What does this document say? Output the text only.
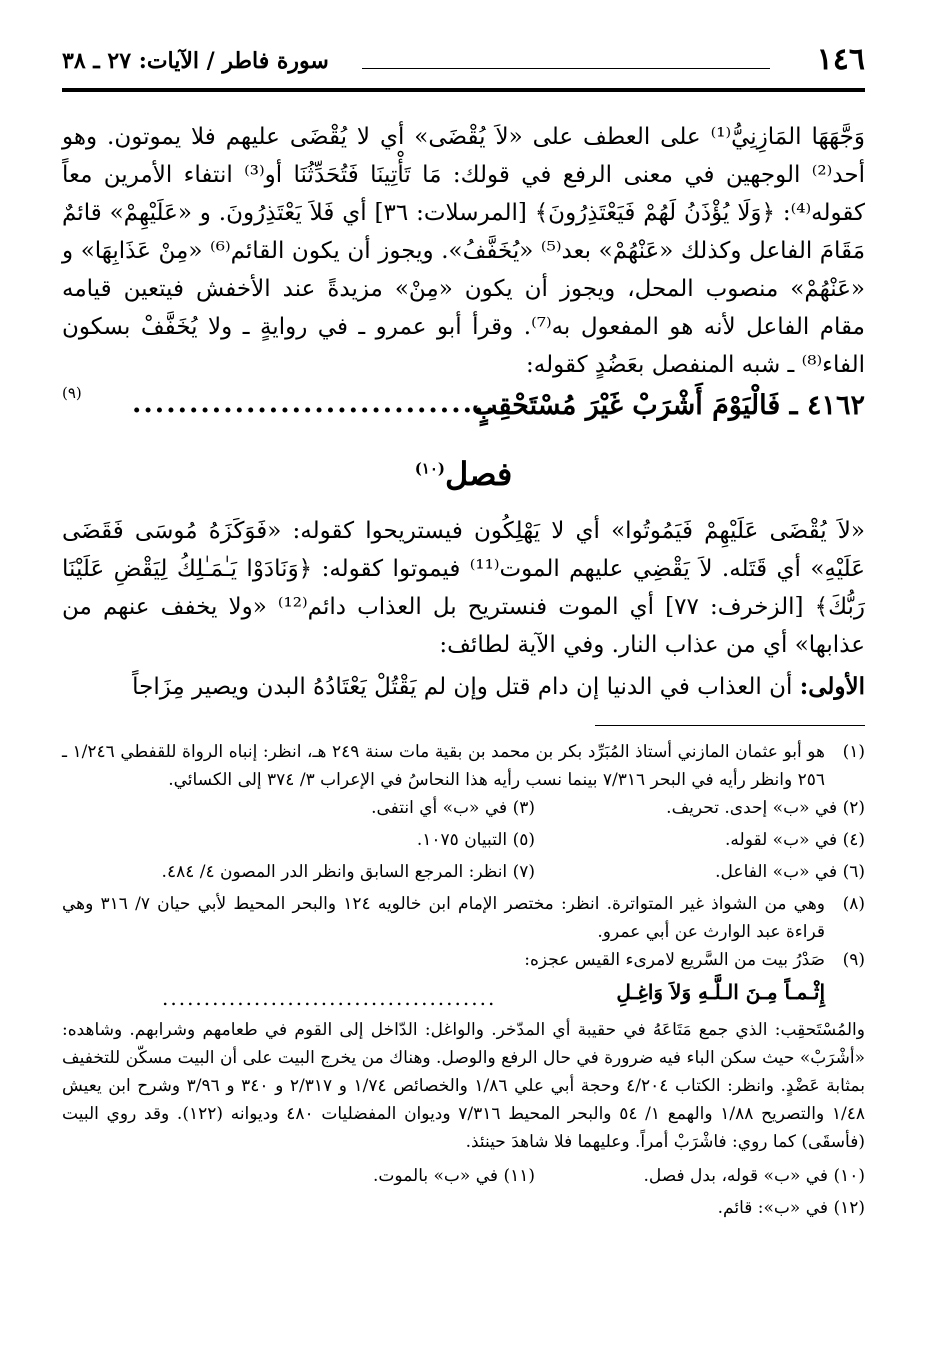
١٤٦
سورة فاطر / الآيات: ٢٧ ـ ٣٨

وَجَّهَهَا المَازِنِيُّ⁽¹⁾ على العطف على «لاَ يُقْضَى» أي لا يُقْضَى عليهم فلا يموتون. وهو أحد⁽²⁾ الوجهين في معنى الرفع في قولك: مَا تَأْتِينَا فَتُحَدِّثُنَا أو⁽³⁾ انتفاء الأمرين معاً كقوله⁽⁴⁾: ﴿وَلَا يُؤْذَنُ لَهُمْ فَيَعْتَذِرُونَ﴾ [المرسلات: ٣٦] أي فَلاَ يَعْتَذِرُونَ. و «عَلَيْهِمْ» قائمٌ مَقَامَ الفاعل وكذلك «عَنْهُمْ» بعد⁽⁵⁾ «يُخَفَّفُ». ويجوز أن يكون القائم⁽⁶⁾ «مِنْ عَذَابِهَا» و «عَنْهُمْ» منصوب المحل، ويجوز أن يكون «مِنْ» مزيدةً عند الأخفش فيتعين قيامه مقام الفاعل لأنه هو المفعول به⁽⁷⁾. وقرأ أبو عمرو ـ في روايةٍ ـ ولا يُخَفَّفْ بسكون الفاء⁽⁸⁾ ـ شبه المنفصل بعَضُدٍ كقوله:

٤١٦٢ ـ فَالْيَوْمَ أَشْرَبْ غَيْرَ مُسْتَحْقِبٍ
................................
(٩)
فصل$^{(١٠)}$

«لاَ يُقْضَى عَلَيْهِمْ فَيَمُوتُوا» أي لا يَهْلِكُون فيستريحوا كقوله: «فَوَكَزَهُ مُوسَى فَقَضَى عَلَيْهِ» أي قَتَله. لاَ يَقْضِي عليهم الموت⁽¹¹⁾ فيموتوا كقوله: ﴿وَنَادَوْا يَـٰمَـٰلِكُ لِيَقْضِ عَلَيْنَا رَبُّكَ﴾ [الزخرف: ٧٧] أي الموت فنستريح بل العذاب دائم⁽¹²⁾ «ولا يخفف عنهم من عذابها» أي من عذاب النار. وفي الآية لطائف:

الأولى: أن العذاب في الدنيا إن دام قتل وإن لم يَقْتُلْ يَعْتَادُهُ البدن ويصير مِزَاجاً
(١)
هو أبو عثمان المازني أستاذ المُبَرِّد بكر بن محمد بن بقية مات سنة ٢٤٩ هـ، انظر: إنباه الرواة للقفطي ١/٢٤٦ ـ ٢٥٦ وانظر رأيه في البحر ٧/٣١٦ بينما نسب رأيه هذا النحاسُ في الإعراب ٣/ ٣٧٤ إلى الكسائي.
(٢) في «ب» إحدى. تحريف.
(٣) في «ب» أي انتفى.
(٤) في «ب» لقوله.
(٥) التبيان ١٠٧٥.
(٦) في «ب» الفاعل.
(٧) انظر: المرجع السابق وانظر الدر المصون ٤/ ٤٨٤.
(٨)
وهي من الشواذ غير المتواترة. انظر: مختصر الإمام ابن خالويه ١٢٤ والبحر المحيط لأبي حيان ٧/ ٣١٦ وهي قراءة عبد الوارث عن أبي عمرو.
(٩)
صَدْرُ بيت من السَّريع لامرىء القيس عجزه:
إِثْـمـاً مِـنَ الـلَّـهِ وَلاَ وَاغِـلِ
........................................
والمُسْتَحقِب: الذي جمع مَتَاعَهُ في حقيبة أي المدّخر. والواغل: الدّاخل إلى القوم في طعامهم وشرابهم. وشاهده: «أشْرَبْ» حيث سكن الباء فيه ضرورة في حال الرفع والوصل. وهناك من يخرج البيت على أن البيت مسكّن للتخفيف بمثابة عَضْدٍ. وانظر: الكتاب ٤/٢٠٤ وحجة أبي علي ١/٨٦ والخصائص ١/٧٤ و ٢/٣١٧ و ٣٤٠ و ٣/٩٦ وشرح ابن يعيش ١/٤٨ والتصريح ١/٨٨ والهمع ١/ ٥٤ والبحر المحيط ٧/٣١٦ وديوان المفضليات ٤٨٠ وديوانه (١٢٢). وقد روي البيت (فأسقَى) كما روي: فاشْرَبْ أمراً. وعليهما فلا شاهدَ حينئذ.
(١٠) في «ب» قوله، بدل فصل.
(١١) في «ب» بالموت.
(١٢) في «ب»: قائم.
